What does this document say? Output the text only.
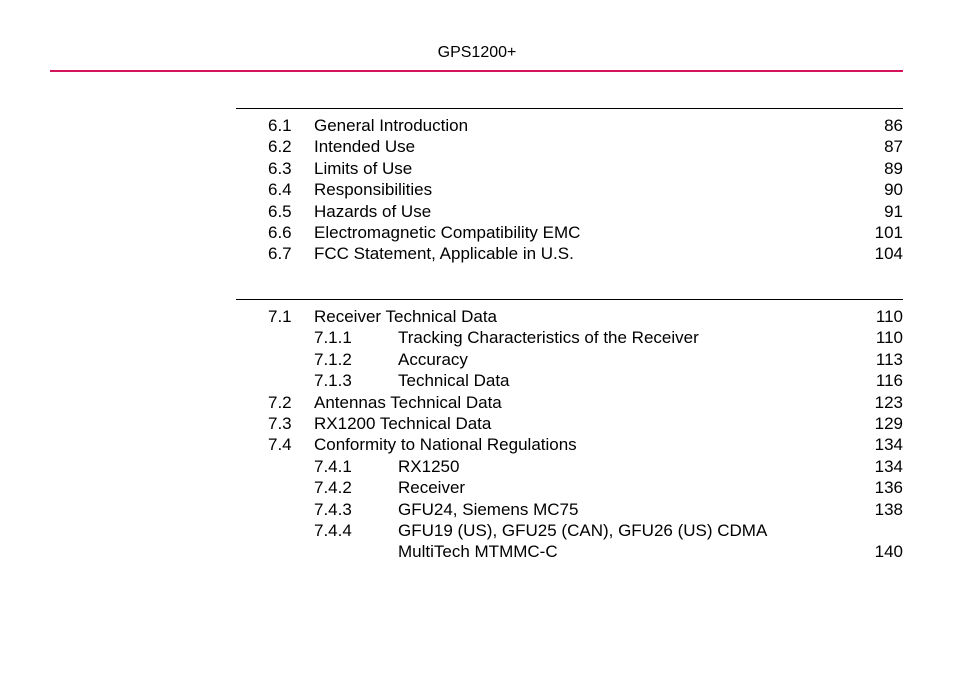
GPS1200+
6.1 General Introduction	86
6.2 Intended Use	87
6.3 Limits of Use	89
6.4 Responsibilities	90
6.5 Hazards of Use	91
6.6 Electromagnetic Compatibility EMC	101
6.7 FCC Statement, Applicable in U.S.	104
7.1 Receiver Technical Data	110
7.1.1	Tracking Characteristics of the Receiver	110
7.1.2	Accuracy	113
7.1.3	Technical Data	116
7.2 Antennas Technical Data	123
7.3 RX1200 Technical Data	129
7.4 Conformity to National Regulations	134
7.4.1	RX1250	134
7.4.2	Receiver	136
7.4.3	GFU24, Siemens MC75	138
7.4.4	GFU19 (US), GFU25 (CAN), GFU26 (US) CDMA
MultiTech MTMMC-C	140
